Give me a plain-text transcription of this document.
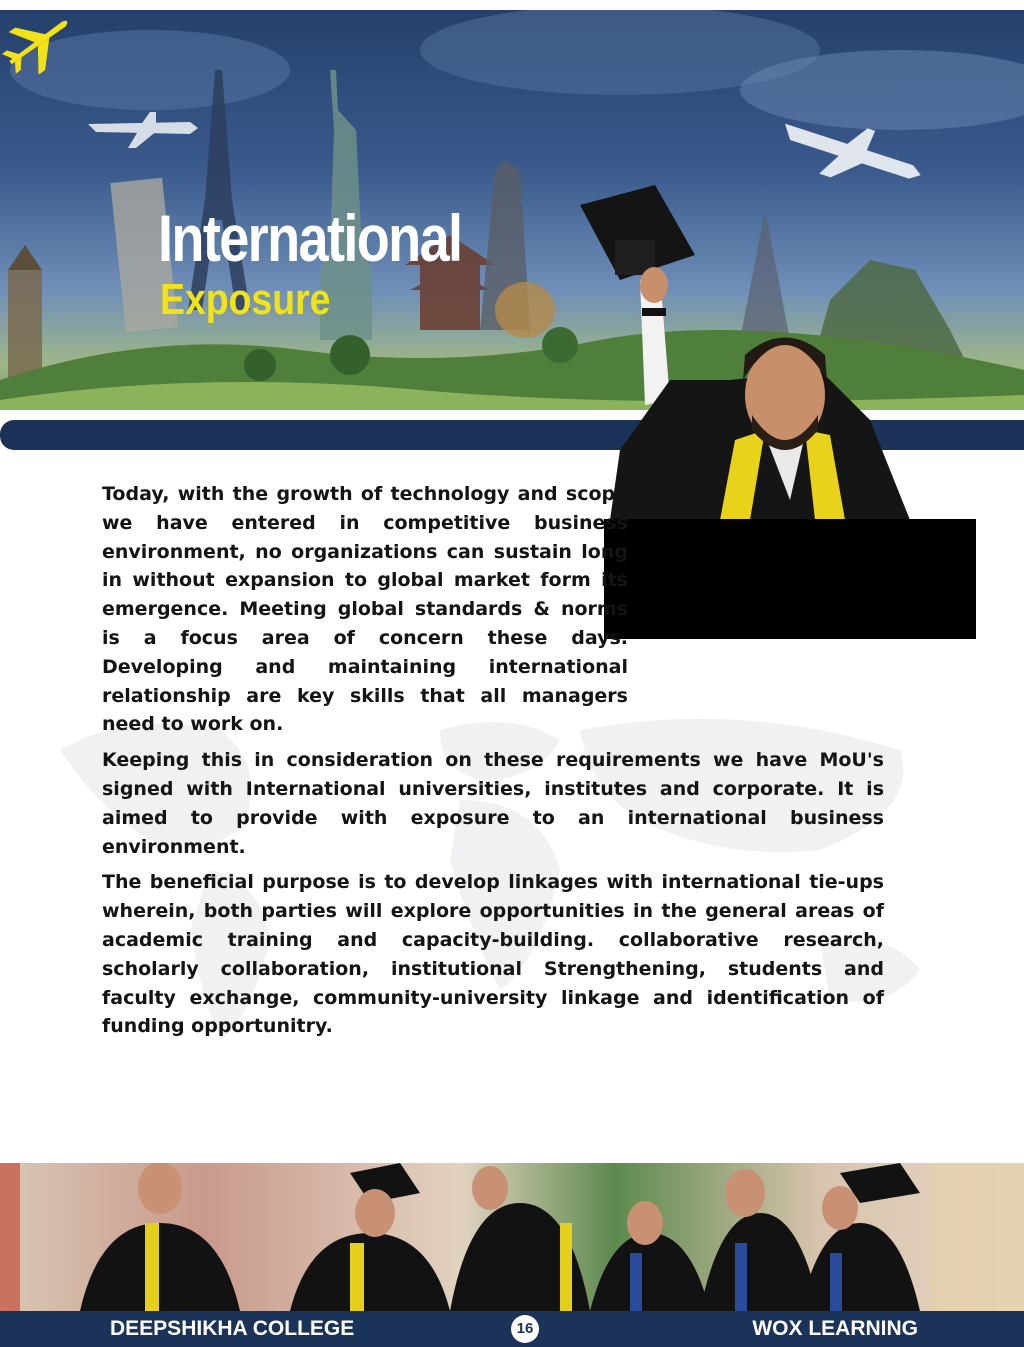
International
Exposure

Today, with the growth of technology and scope we have entered in competitive business environment, no organizations can sustain long in without expansion to global market form its emergence. Meeting global standards & norms is a focus area of concern these days. Developing and maintaining international relationship are key skills that all managers need to work on.

Keeping this in consideration on these requirements we have MoU's signed with International universities, institutes and corporate. It is aimed to provide with exposure to an international business environment.

The beneficial purpose is to develop linkages with international tie-ups wherein, both parties will explore opportunities in the general areas of academic training and capacity-building. collaborative research, scholarly collaboration, institutional Strengthening, students and faculty exchange, community-university linkage and identification of funding opportunitry.

DEEPSHIKHA COLLEGE	16	WOX LEARNING
